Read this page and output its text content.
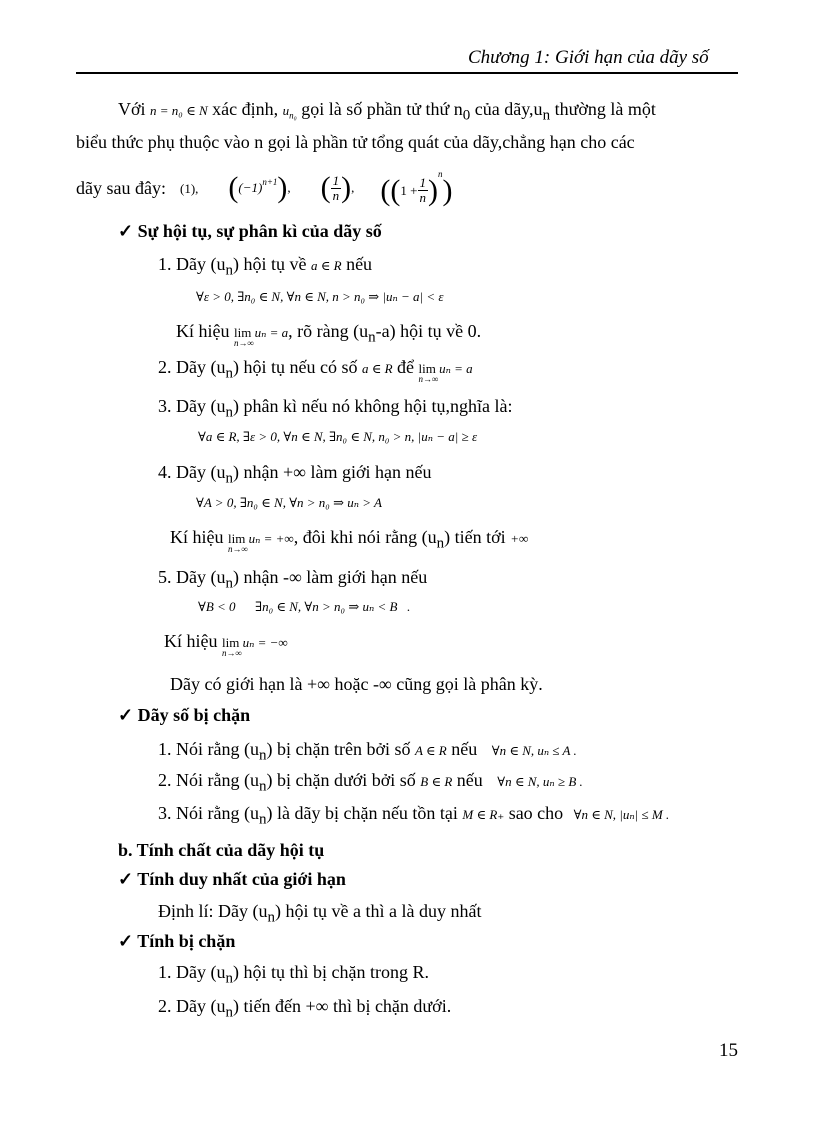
Chương 1: Giới hạn của dãy số
Với n = n₀ ∈ N xác định, $u_{n_0}$ gọi là số phần tử thứ $n_0$ của $dãy,u_n$ thường là một
biểu thức phụ thuộc vào n gọi là phần tử tổng quát của dãy,chẳng hạn cho các
dãy sau đây: (1), $((-1)^{n+1})$, ( $\frac{1}{n}$ ), $((1 + \frac{1}{n} )^n)$
✓ Sự hội tụ, sự phân kì của dãy số
1. Dãy $(u_n)$ hội tụ về a ∈ R nếu
∀ε > 0, ∃n₀ ∈ N, ∀n ∈ N, n > n₀ ⇒ |uₙ − a| < ε
Kí hiệu lim
n→∞
uₙ = a, rõ ràng $(u_n-a)$ hội tụ về 0.
2. Dãy $(u_n)$ hội tụ nếu có số a ∈ R để lim
n→∞
uₙ = a
3. Dãy $(u_n)$ phân kì nếu nó không hội tụ,nghĩa là:
∀a ∈ R, ∃ε > 0, ∀n ∈ N, ∃n₀ ∈ N, n₀ > n, |uₙ − a| ≥ ε
4. Dãy $(u_n)$ nhận +∞ làm giới hạn nếu
∀A > 0, ∃n₀ ∈ N, ∀n > n₀ ⇒ uₙ > A
Kí hiệu lim
n→∞
uₙ = +∞, đôi khi nói rằng $(u_n)$ tiến tới +∞
5. Dãy $(u_n)$ nhận -∞ làm giới hạn nếu
∀B < 0      ∃n₀ ∈ N, ∀n > n₀ ⇒ uₙ < B   .
Kí hiệu lim
n→∞
uₙ = −∞
Dãy có giới hạn là +∞ hoặc -∞ cũng gọi là phân kỳ.
✓ Dãy số bị chặn
1. Nói rằng $(u_n)$ bị chặn trên bởi số A ∈ R nếu ∀n ∈ N, uₙ ≤ A .
2. Nói rằng $(u_n)$ bị chặn dưới bởi số B ∈ R nếu ∀n ∈ N, uₙ ≥ B .
3. Nói rằng $(u_n)$ là dãy bị chặn nếu tồn tại M ∈ R₊ sao cho ∀n ∈ N, |uₙ| ≤ M .
b. Tính chất của dãy hội tụ
✓ Tính duy nhất của giới hạn
Định lí: Dãy $(u_n)$ hội tụ về a thì a là duy nhất
✓ Tính bị chặn
1. Dãy $(u_n)$ hội tụ thì bị chặn trong R.
2. Dãy $(u_n)$ tiến đến +∞ thì bị chặn dưới.
15
